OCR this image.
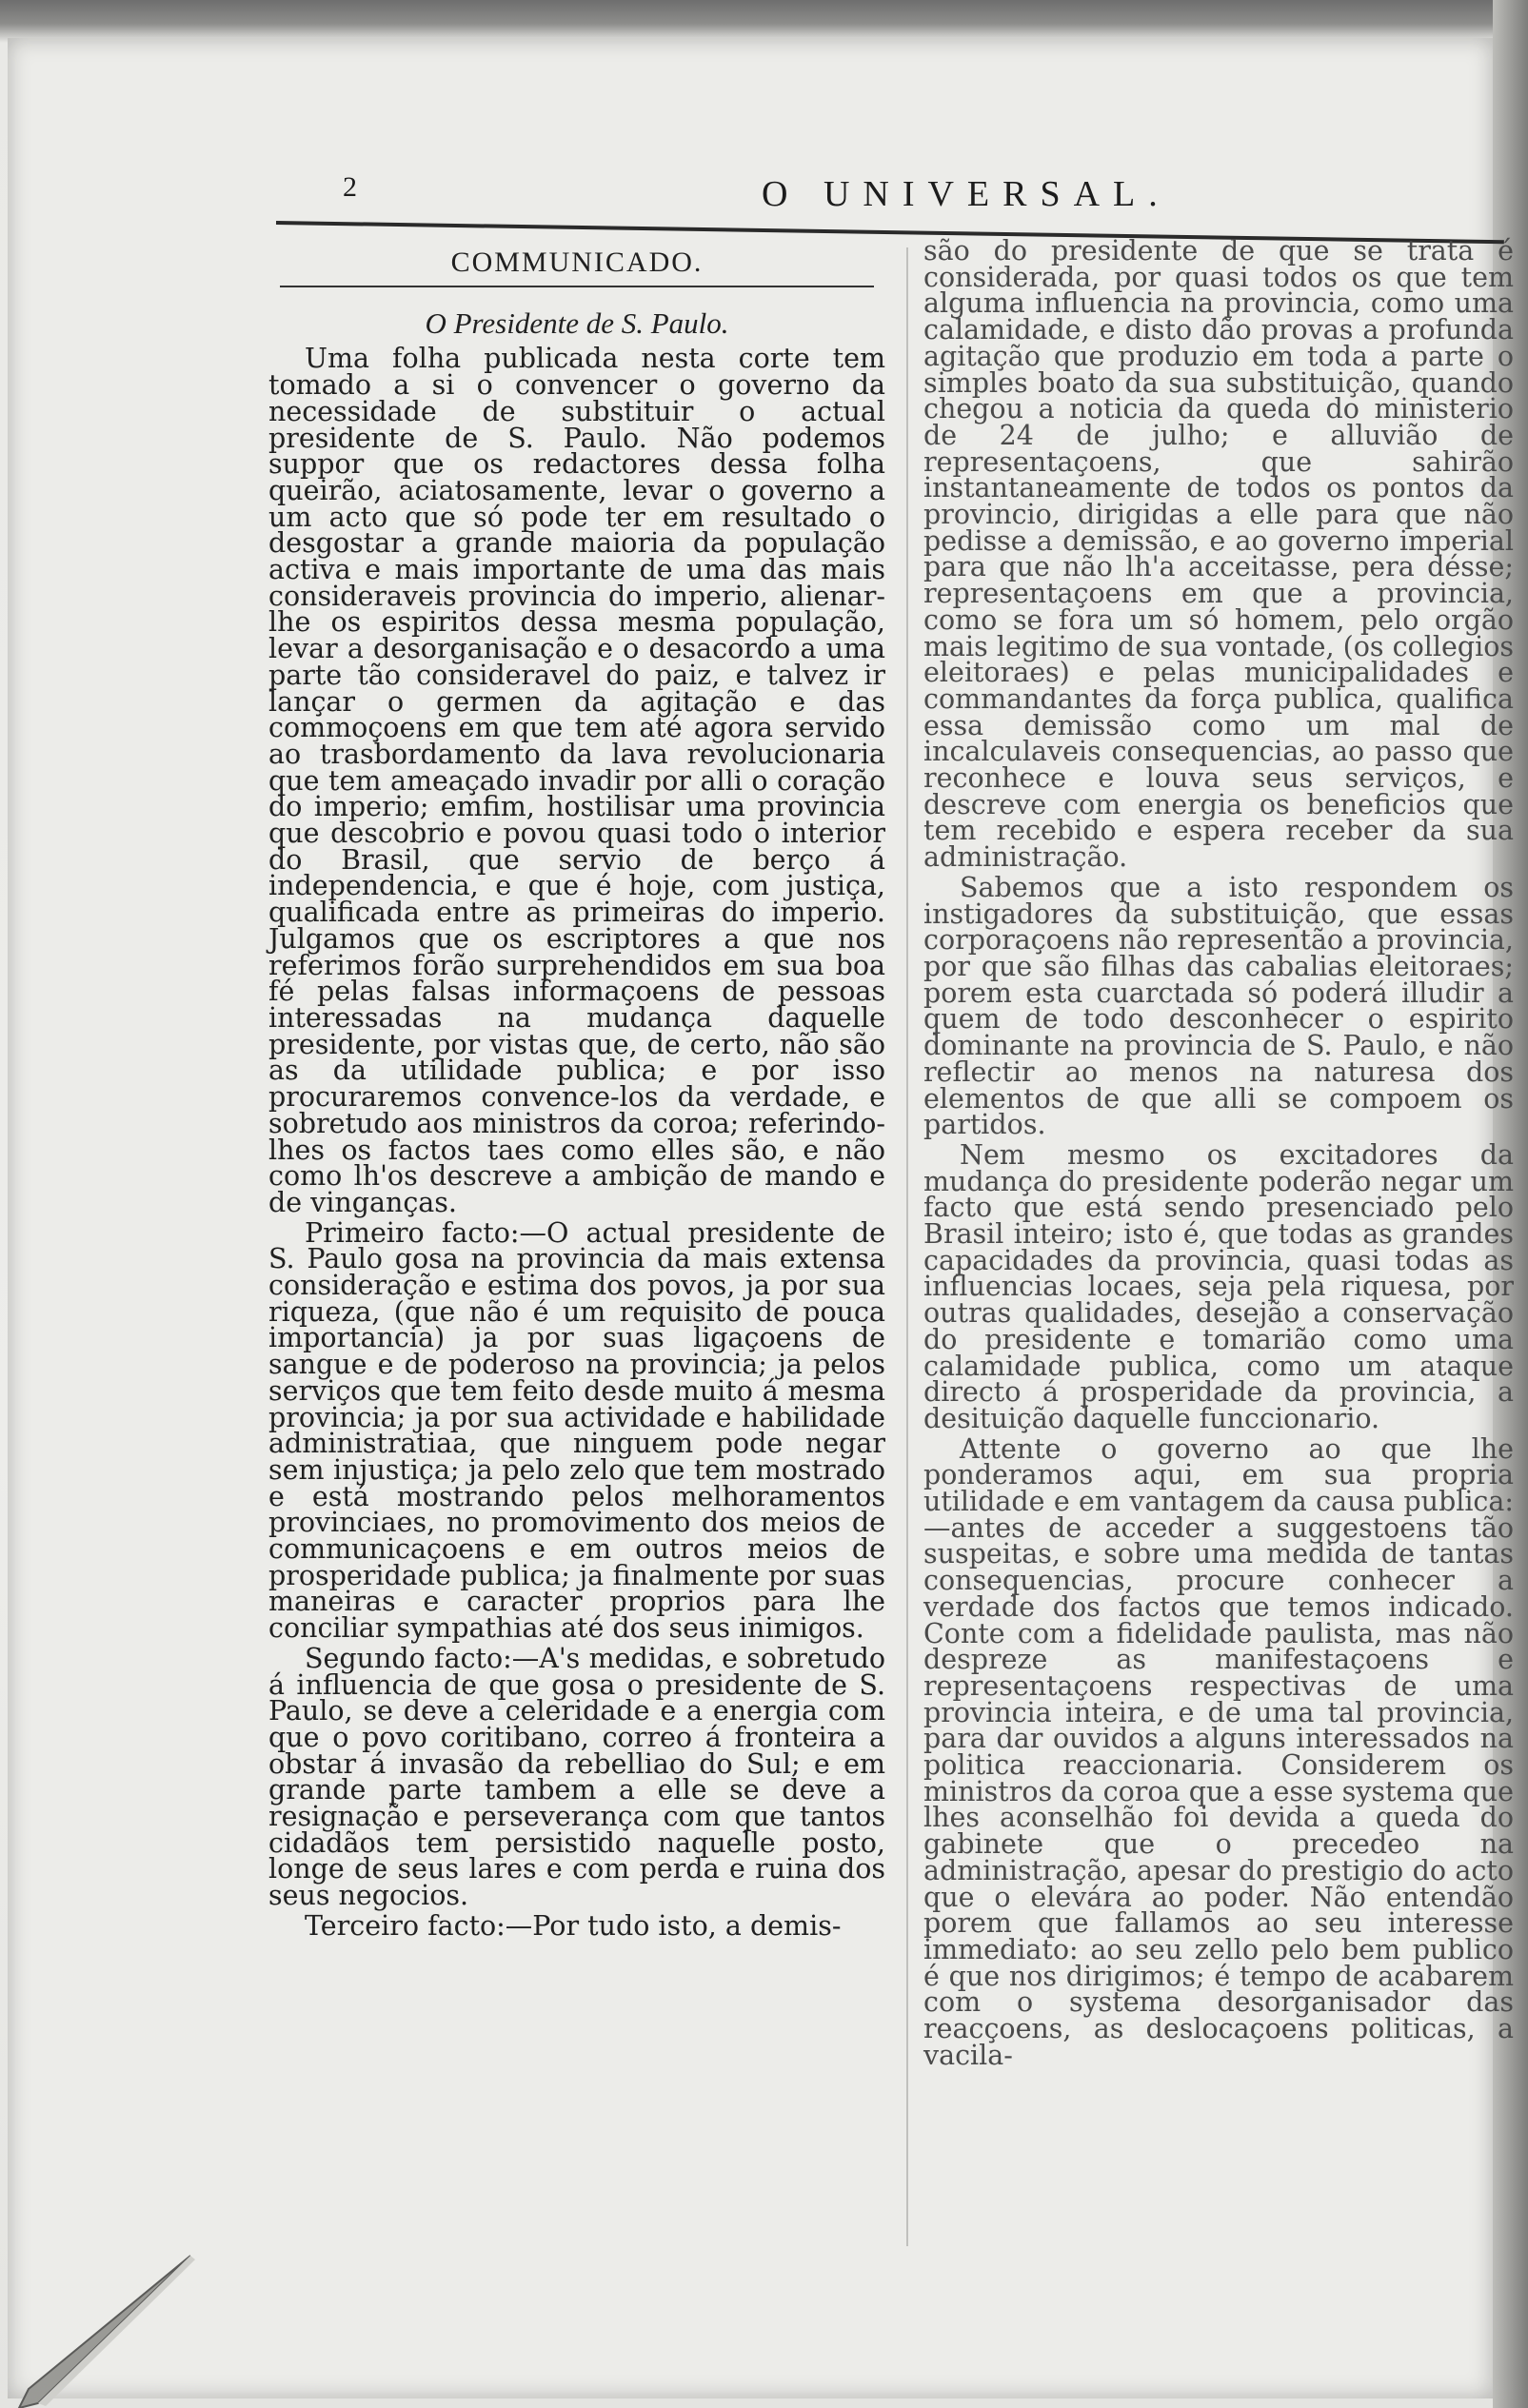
2	O UNIVERSAL.
COMMUNICADO.
O Presidente de S. Paulo.

Uma folha publicada nesta corte tem tomado a si o convencer o governo da necessidade de substituir o actual presidente de S. Paulo. Não podemos suppor que os redactores dessa folha queirão, aciatosamente, levar o governo a um acto que só pode ter em resultado o desgostar a grande maioria da população activa e mais importante de uma das mais consideraveis provincia do imperio, alienar-lhe os espiritos dessa mesma população, levar a desorganisação e o desacordo a uma parte tão consideravel do paiz, e talvez ir lançar o germen da agitação e das commoçoens em que tem até agora servido ao trasbordamento da lava revolucionaria que tem ameaçado invadir por alli o coração do imperio; emfim, hostilisar uma provincia que descobrio e povou quasi todo o interior do Brasil, que servio de berço á independencia, e que é hoje, com justiça, qualificada entre as primeiras do imperio. Julgamos que os escriptores a que nos referimos forão surprehendidos em sua boa fé pelas falsas informaçoens de pessoas interessadas na mudança daquelle presidente, por vistas que, de certo, não são as da utilidade publica; e por isso procuraremos convence-los da verdade, e sobretudo aos ministros da coroa; referindo-lhes os factos taes como elles são, e não como lh'os descreve a ambição de mando e de vinganças.

Primeiro facto:—O actual presidente de S. Paulo gosa na provincia da mais extensa consideração e estima dos povos, ja por sua riqueza, (que não é um requisito de pouca importancia) ja por suas ligaçoens de sangue e de poderoso na provincia; ja pelos serviços que tem feito desde muito á mesma provincia; ja por sua actividade e habilidade administratiaa, que ninguem pode negar sem injustiça; ja pelo zelo que tem mostrado e está mostrando pelos melhoramentos provinciaes, no promovimento dos meios de communicaçoens e em outros meios de prosperidade publica; ja finalmente por suas maneiras e caracter proprios para lhe conciliar sympathias até dos seus inimigos.

Segundo facto:—A's medidas, e sobretudo á influencia de que gosa o presidente de S. Paulo, se deve a celeridade e a energia com que o povo coritibano, correo á fronteira a obstar á invasão da rebelliao do Sul; e em grande parte tambem a elle se deve a resignação e perseverança com que tantos cidadãos tem persistido naquelle posto, longe de seus lares e com perda e ruina dos seus negocios.

Terceiro facto:—Por tudo isto, a demis-

são do presidente de que se trata é considerada, por quasi todos os que tem alguma influencia na provincia, como uma calamidade, e disto dão provas a profunda agitação que produzio em toda a parte o simples boato da sua substituição, quando chegou a noticia da queda do ministerio de 24 de julho; e alluvião de representaçoens, que sahirão instantaneamente de todos os pontos da provincio, dirigidas a elle para que não pedisse a demissão, e ao governo imperial para que não lh'a acceitasse, pera désse; representaçoens em que a provincia, como se fora um só homem, pelo orgão mais legitimo de sua vontade, (os collegios eleitoraes) e pelas municipalidades e commandantes da força publica, qualifica essa demissão como um mal de incalculaveis consequencias, ao passo que reconhece e louva seus serviços, e descreve com energia os beneficios que tem recebido e espera receber da sua administração.

Sabemos que a isto respondem os instigadores da substituição, que essas corporaçoens não representão a provincia, por que são filhas das cabalias eleitoraes; porem esta cuarctada só poderá illudir a quem de todo desconhecer o espirito dominante na provincia de S. Paulo, e não reflectir ao menos na naturesa dos elementos de que alli se compoem os partidos.

Nem mesmo os excitadores da mudança do presidente poderão negar um facto que está sendo presenciado pelo Brasil inteiro; isto é, que todas as grandes capacidades da provincia, quasi todas as influencias locaes, seja pela riquesa, por outras qualidades, desejão a conservação do presidente e tomarião como uma calamidade publica, como um ataque directo á prosperidade da provincia, a desituição daquelle funccionario.

Attente o governo ao que lhe ponderamos aqui, em sua propria utilidade e em vantagem da causa publica:—antes de acceder a suggestoens tão suspeitas, e sobre uma medida de tantas consequencias, procure conhecer a verdade dos factos que temos indicado. Conte com a fidelidade paulista, mas não despreze as manifestaçoens e representaçoens respectivas de uma provincia inteira, e de uma tal provincia, para dar ouvidos a alguns interessados na politica reaccionaria. Considerem os ministros da coroa que a esse systema que lhes aconselhão foi devida a queda do gabinete que o precedeo na administração, apesar do prestigio do acto que o elevára ao poder. Não entendão porem que fallamos ao seu interesse immediato: ao seu zello pelo bem publico é que nos dirigimos; é tempo de acabarem com o systema desorganisador das reacçoens, as deslocaçoens politicas, a vacila-
